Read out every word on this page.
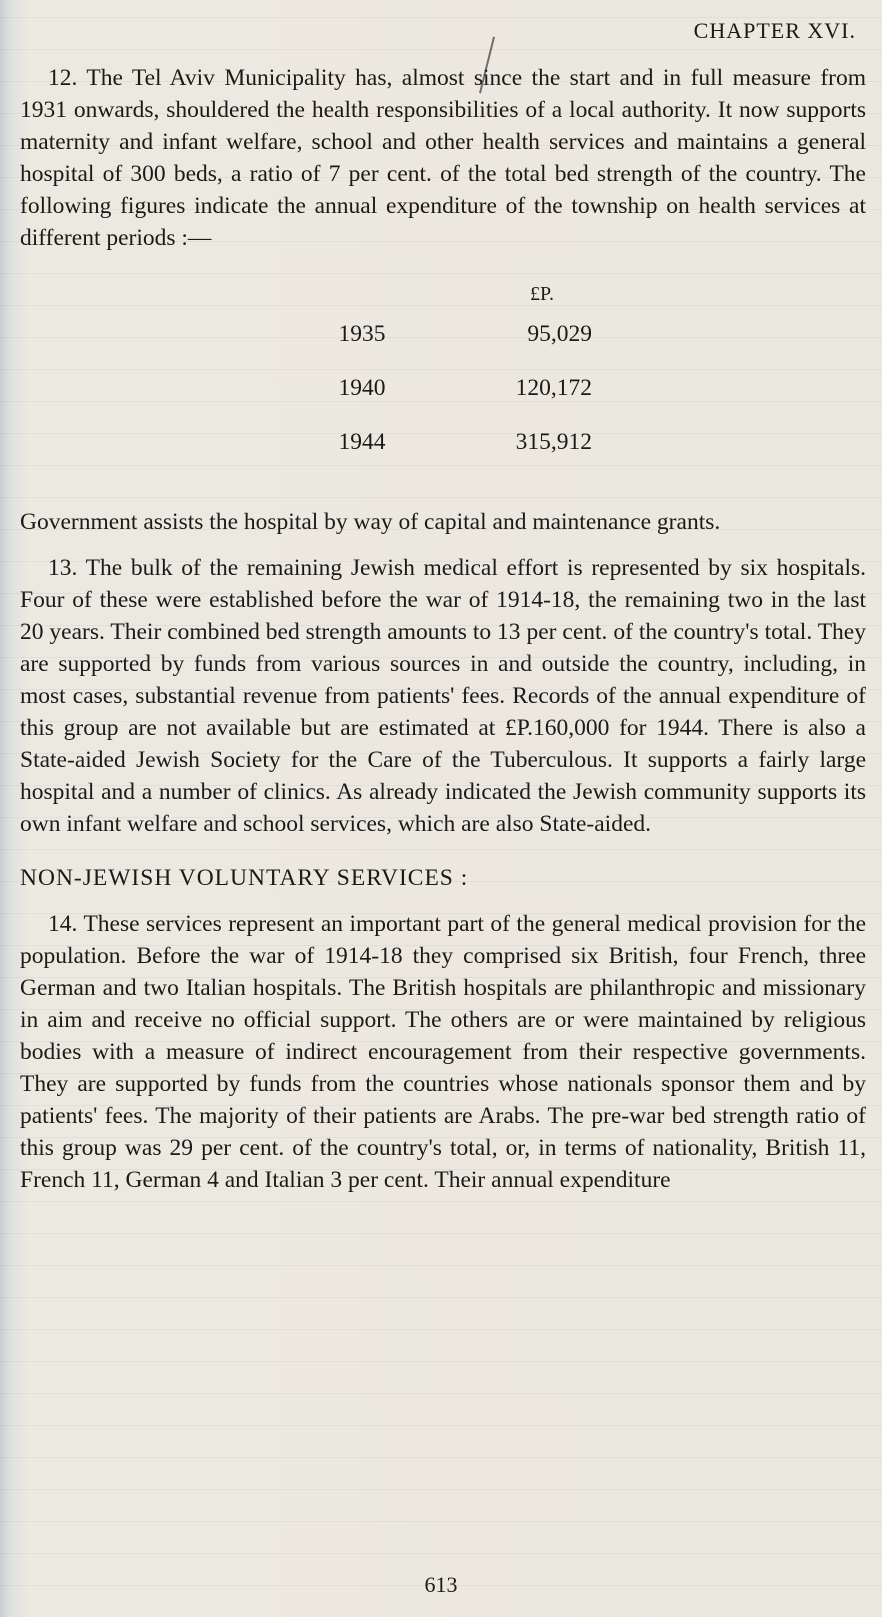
CHAPTER XVI.

12. The Tel Aviv Municipality has, almost since the start and in full measure from 1931 onwards, shouldered the health responsibilities of a local authority. It now supports maternity and infant welfare, school and other health services and maintains a general hospital of 300 beds, a ratio of 7 per cent. of the total bed strength of the country. The following figures indicate the annual expenditure of the township on health services at different periods :—

£P.
1935	95,029
1940	120,172
1944	315,912

Government assists the hospital by way of capital and maintenance grants.

13. The bulk of the remaining Jewish medical effort is represented by six hospitals. Four of these were established before the war of 1914-18, the remaining two in the last 20 years. Their combined bed strength amounts to 13 per cent. of the country's total. They are supported by funds from various sources in and outside the country, including, in most cases, substantial revenue from patients' fees. Records of the annual expenditure of this group are not available but are estimated at £P.160,000 for 1944. There is also a State-aided Jewish Society for the Care of the Tuberculous. It supports a fairly large hospital and a number of clinics. As already indicated the Jewish community supports its own infant welfare and school services, which are also State-aided.

NON-JEWISH VOLUNTARY SERVICES :

14. These services represent an important part of the general medical provision for the population. Before the war of 1914-18 they comprised six British, four French, three German and two Italian hospitals. The British hospitals are philanthropic and missionary in aim and receive no official support. The others are or were maintained by religious bodies with a measure of indirect encouragement from their respective governments. They are supported by funds from the countries whose nationals sponsor them and by patients' fees. The majority of their patients are Arabs. The pre-war bed strength ratio of this group was 29 per cent. of the country's total, or, in terms of nationality, British 11, French 11, German 4 and Italian 3 per cent. Their annual expenditure

613
